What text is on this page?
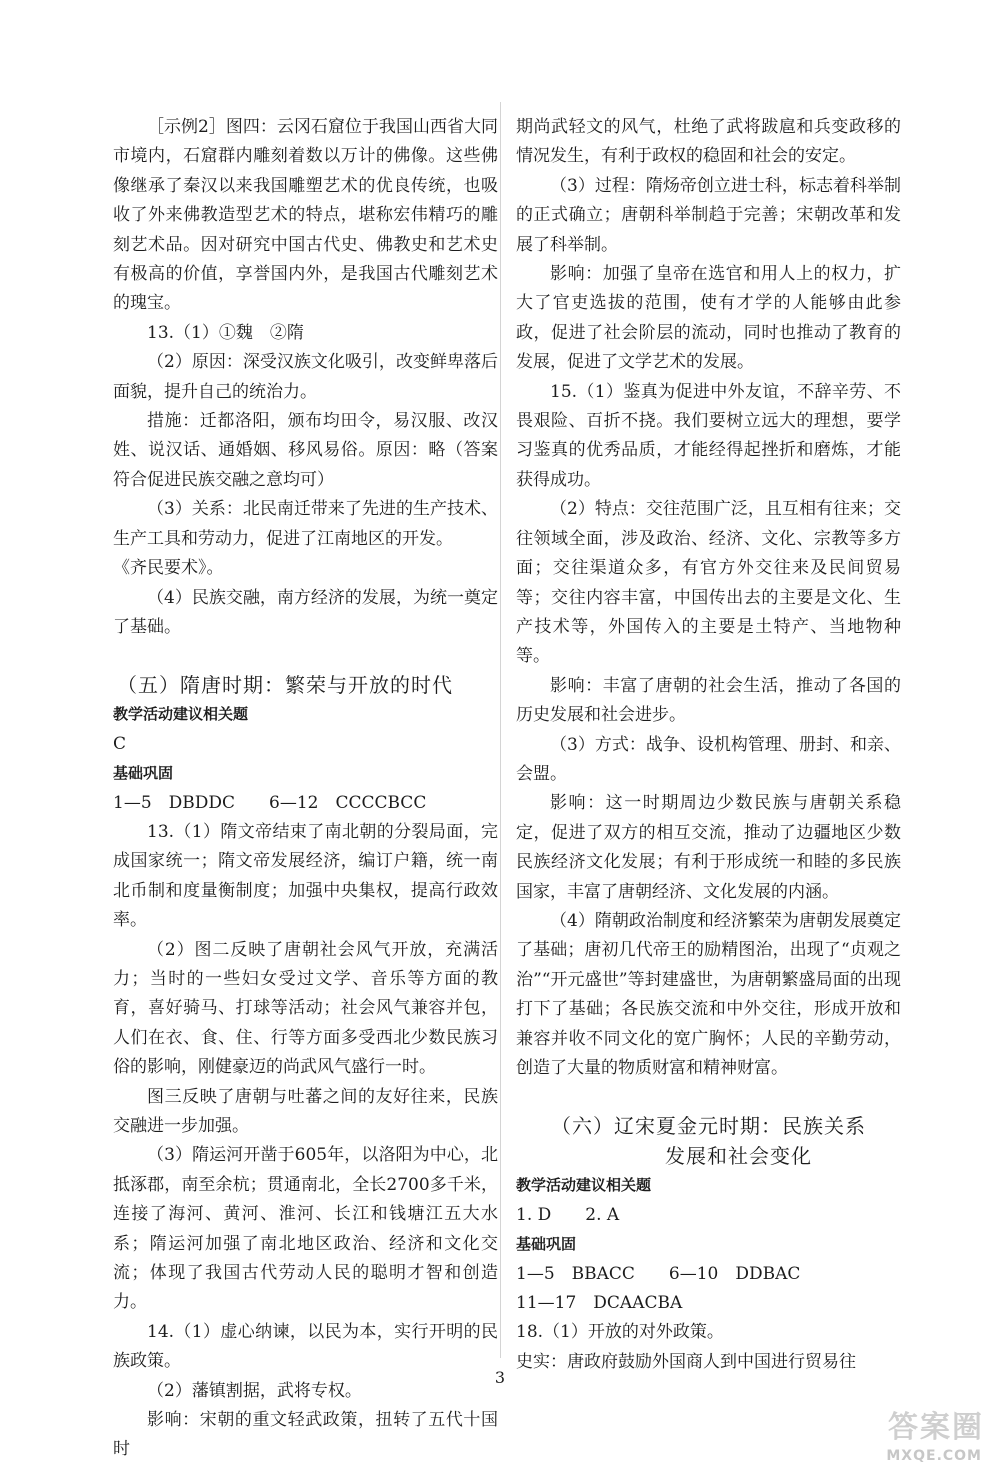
［示例2］图四：云冈石窟位于我国山西省大同市境内，石窟群内雕刻着数以万计的佛像。这些佛像继承了秦汉以来我国雕塑艺术的优良传统，也吸收了外来佛教造型艺术的特点，堪称宏伟精巧的雕刻艺术品。因对研究中国古代史、佛教史和艺术史有极高的价值，享誉国内外，是我国古代雕刻艺术的瑰宝。

13.（1）①魏　②隋

（2）原因：深受汉族文化吸引，改变鲜卑落后面貌，提升自己的统治力。

措施：迁都洛阳，颁布均田令，易汉服、改汉姓、说汉话、通婚姻、移风易俗。原因：略（答案符合促进民族交融之意均可）

（3）关系：北民南迁带来了先进的生产技术、生产工具和劳动力，促进了江南地区的开发。

《齐民要术》。

（4）民族交融，南方经济的发展，为统一奠定了基础。

（五）隋唐时期：繁荣与开放的时代

教学活动建议相关题

C

基础巩固

1—5　DBDDC　　6—12　CCCCBCC

13.（1）隋文帝结束了南北朝的分裂局面，完成国家统一；隋文帝发展经济，编订户籍，统一南北币制和度量衡制度；加强中央集权，提高行政效率。

（2）图二反映了唐朝社会风气开放，充满活力；当时的一些妇女受过文学、音乐等方面的教育，喜好骑马、打球等活动；社会风气兼容并包，人们在衣、食、住、行等方面多受西北少数民族习俗的影响，刚健豪迈的尚武风气盛行一时。

图三反映了唐朝与吐蕃之间的友好往来，民族交融进一步加强。

（3）隋运河开凿于605年，以洛阳为中心，北抵涿郡，南至余杭；贯通南北，全长2700多千米，连接了海河、黄河、淮河、长江和钱塘江五大水系；隋运河加强了南北地区政治、经济和文化交流；体现了我国古代劳动人民的聪明才智和创造力。

14.（1）虚心纳谏，以民为本，实行开明的民族政策。

（2）藩镇割据，武将专权。

影响：宋朝的重文轻武政策，扭转了五代十国时

期尚武轻文的风气，杜绝了武将跋扈和兵变政移的情况发生，有利于政权的稳固和社会的安定。

（3）过程：隋炀帝创立进士科，标志着科举制的正式确立；唐朝科举制趋于完善；宋朝改革和发展了科举制。

影响：加强了皇帝在选官和用人上的权力，扩大了官吏选拔的范围，使有才学的人能够由此参政，促进了社会阶层的流动，同时也推动了教育的发展，促进了文学艺术的发展。

15.（1）鉴真为促进中外友谊，不辞辛劳、不畏艰险、百折不挠。我们要树立远大的理想，要学习鉴真的优秀品质，才能经得起挫折和磨炼，才能获得成功。

（2）特点：交往范围广泛，且互相有往来；交往领域全面，涉及政治、经济、文化、宗教等多方面；交往渠道众多，有官方外交往来及民间贸易等；交往内容丰富，中国传出去的主要是文化、生产技术等，外国传入的主要是土特产、当地物种等。

影响：丰富了唐朝的社会生活，推动了各国的历史发展和社会进步。

（3）方式：战争、设机构管理、册封、和亲、会盟。

影响：这一时期周边少数民族与唐朝关系稳定，促进了双方的相互交流，推动了边疆地区少数民族经济文化发展；有利于形成统一和睦的多民族国家，丰富了唐朝经济、文化发展的内涵。

（4）隋朝政治制度和经济繁荣为唐朝发展奠定了基础；唐初几代帝王的励精图治，出现了“贞观之治”“开元盛世”等封建盛世，为唐朝繁盛局面的出现打下了基础；各民族交流和中外交往，形成开放和兼容并收不同文化的宽广胸怀；人民的辛勤劳动，创造了大量的物质财富和精神财富。

（六）辽宋夏金元时期：民族关系

发展和社会变化

教学活动建议相关题

1. D　　2. A

基础巩固

1—5　BBACC　　6—10　DDBAC

11—17　DCAACBA

18.（1）开放的对外政策。

史实：唐政府鼓励外国商人到中国进行贸易往

3
答案圈
MXQE.COM
